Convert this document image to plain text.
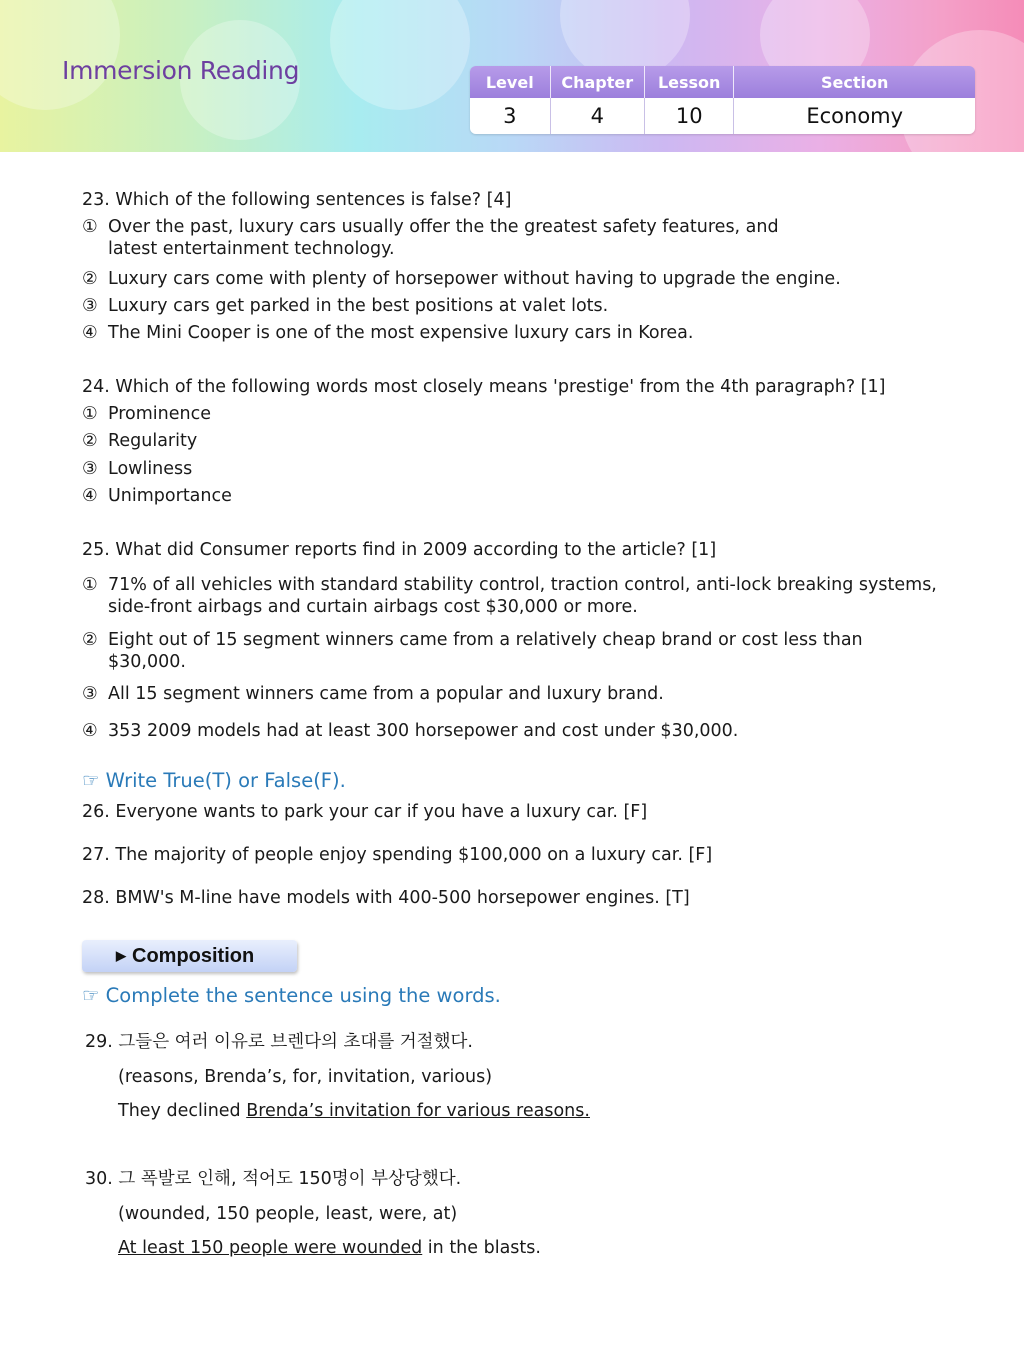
Immersion Reading	Level	Chapter	Lesson	Section
3	4	10	Economy
23. Which of the following sentences is false? [4]
① Over the past, luxury cars usually offer the the greatest safety features, and latest entertainment technology.
② Luxury cars come with plenty of horsepower without having to upgrade the engine.
③ Luxury cars get parked in the best positions at valet lots.
④ The Mini Cooper is one of the most expensive luxury cars in Korea.
24. Which of the following words most closely means 'prestige' from the 4th paragraph? [1]
① Prominence
② Regularity
③ Lowliness
④ Unimportance
25. What did Consumer reports find in 2009 according to the article? [1]
① 71% of all vehicles with standard stability control, traction control, anti-lock breaking systems, side-front airbags and curtain airbags cost $30,000 or more.
② Eight out of 15 segment winners came from a relatively cheap brand or cost less than $30,000.
③ All 15 segment winners came from a popular and luxury brand.
④ 353 2009 models had at least 300 horsepower and cost under $30,000.
☞ Write True(T) or False(F).
26. Everyone wants to park your car if you have a luxury car. [F]
27. The majority of people enjoy spending $100,000 on a luxury car. [F]
28. BMW's M-line have models with 400-500 horsepower engines. [T]
▶ Composition
☞ Complete the sentence using the words.
29. 그들은 여러 이유로 브렌다의 초대를 거절했다.
(reasons, Brenda’s, for, invitation, various)
They declined Brenda’s invitation for various reasons.
30. 그 폭발로 인해, 적어도 150명이 부상당했다.
(wounded, 150 people, least, were, at)
At least 150 people were wounded in the blasts.
